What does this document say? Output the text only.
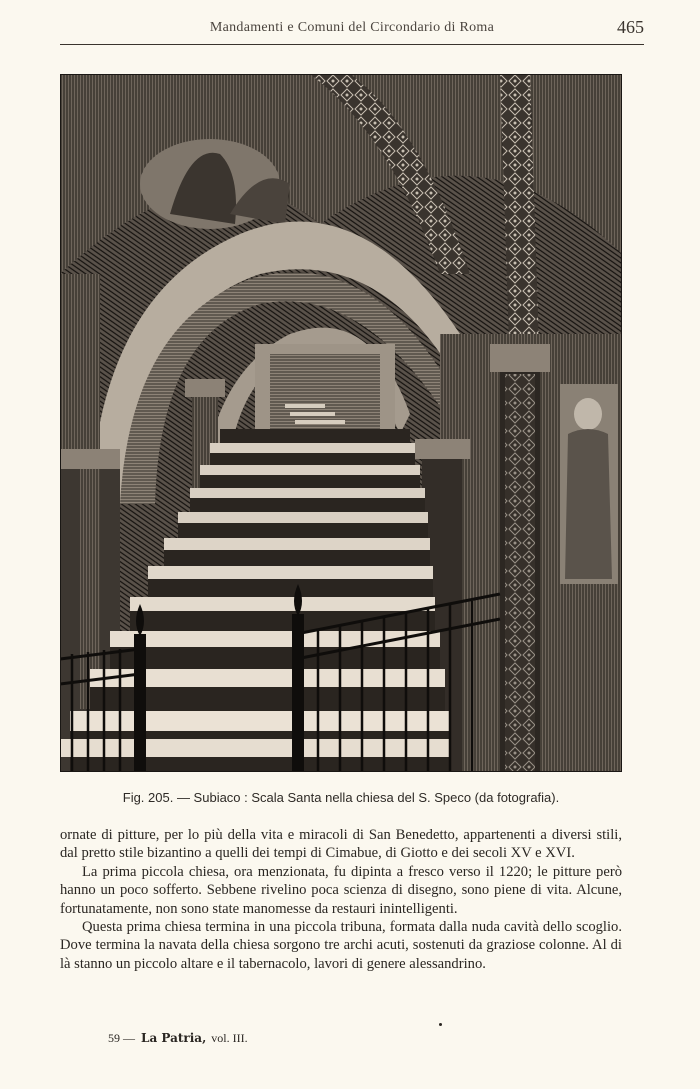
Mandamenti e Comuni del Circondario di Roma	465
Fig. 205. — Subiaco : Scala Santa nella chiesa del S. Speco (da fotografia).

ornate di pitture, per lo più della vita e miracoli di San Benedetto, appartenenti a diversi stili, dal pretto stile bizantino a quelli dei tempi di Cimabue, di Giotto e dei secoli XV e XVI.

La prima piccola chiesa, ora menzionata, fu dipinta a fresco verso il 1220; le pitture però hanno un poco sofferto. Sebbene rivelino poca scienza di disegno, sono piene di vita. Alcune, fortunatamente, non sono state manomesse da restauri inintelligenti.

Questa prima chiesa termina in una piccola tribuna, formata dalla nuda cavità dello scoglio. Dove termina la navata della chiesa sorgono tre archi acuti, sostenuti da graziose colonne. Al di là stanno un piccolo altare e il tabernacolo, lavori di genere alessandrino.

59 — La Patria, vol. III.
